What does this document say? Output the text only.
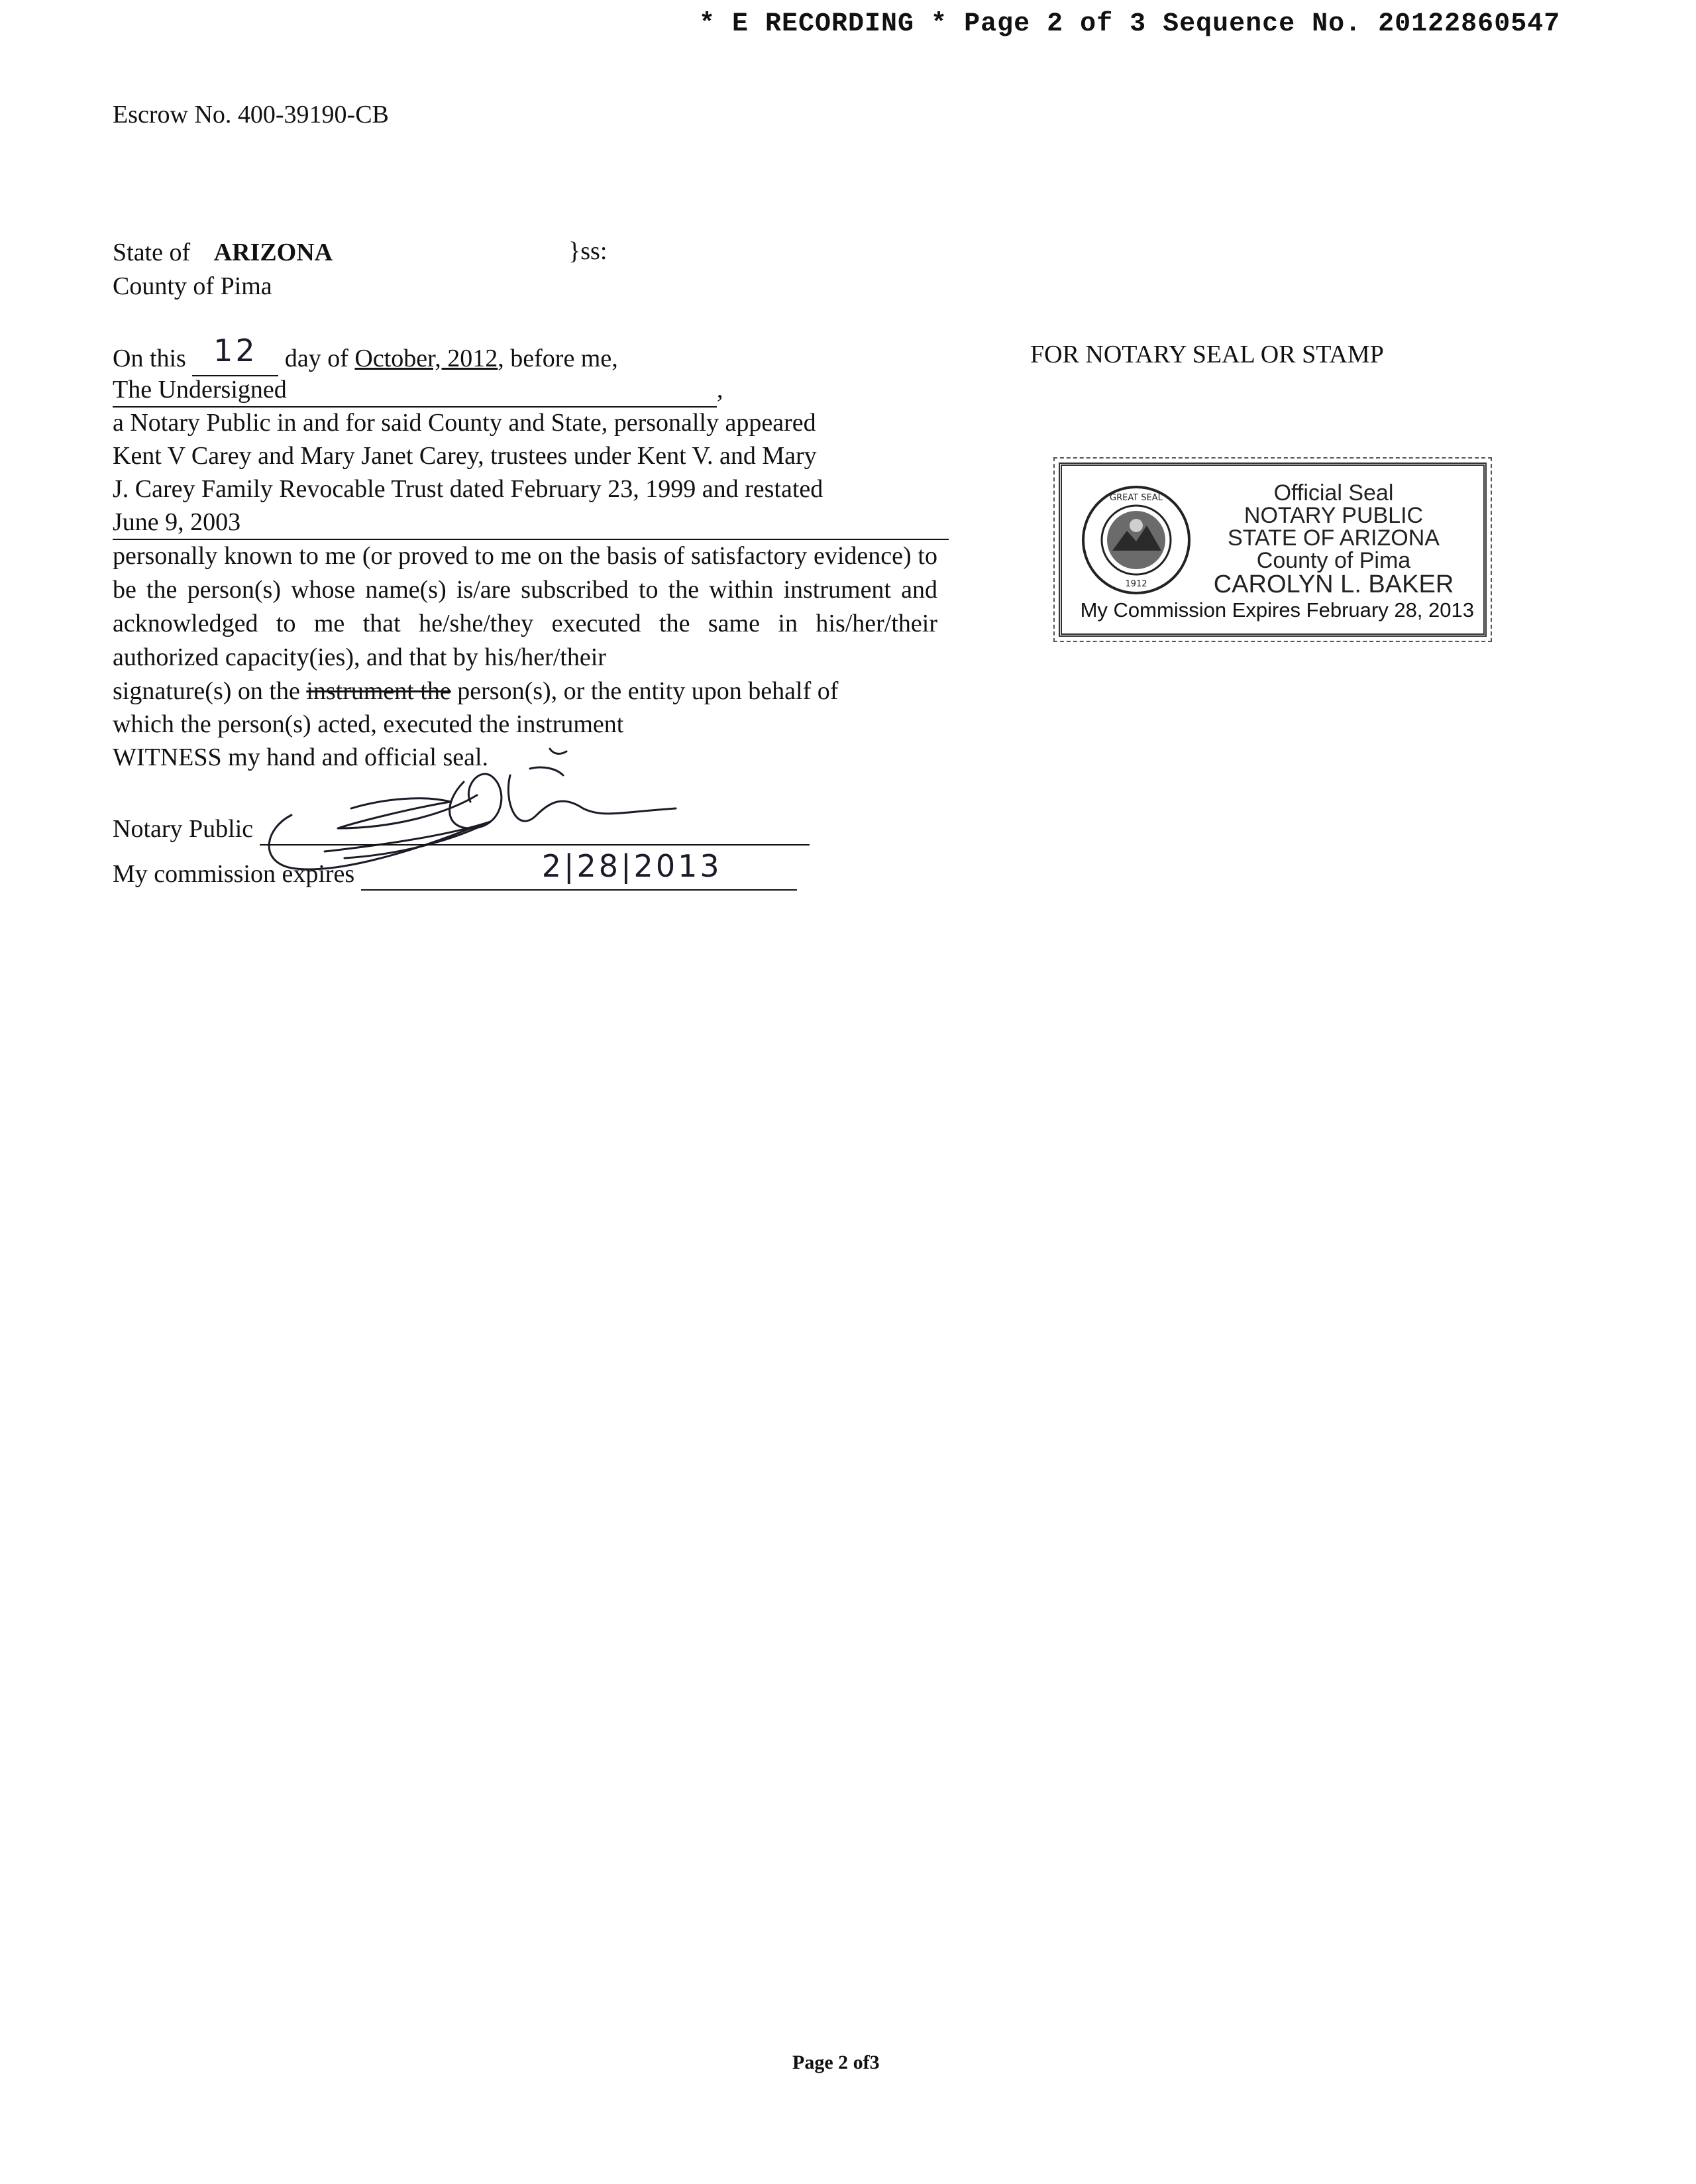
* E RECORDING * Page 2 of 3 Sequence No. 20122860547
Escrow No. 400-39190-CB
State of ARIZONA	}ss:
County of Pima
On this 12 day of October, 2012, before me,
The Undersigned	,
a Notary Public in and for said County and State, personally appeared
Kent V Carey and Mary Janet Carey, trustees under Kent V. and Mary
J. Carey Family Revocable Trust dated February 23, 1999 and restated
June 9, 2003
personally known to me (or proved to me on the basis of satisfactory evidence) to be the person(s) whose name(s) is/are subscribed to the within instrument and acknowledged to me that he/she/they executed the same in his/her/their authorized capacity(ies), and that by his/her/their
signature(s) on the instrument the person(s), or the entity upon behalf of
which the person(s) acted, executed the instrument
WITNESS my hand and official seal.
Notary Public
My commission expires	2|28|2013
FOR NOTARY SEAL OR STAMP
GREAT SEAL
1912
Official Seal
NOTARY PUBLIC
STATE OF ARIZONA
County of Pima
CAROLYN L. BAKER
My Commission Expires February 28, 2013
Page 2 of3
